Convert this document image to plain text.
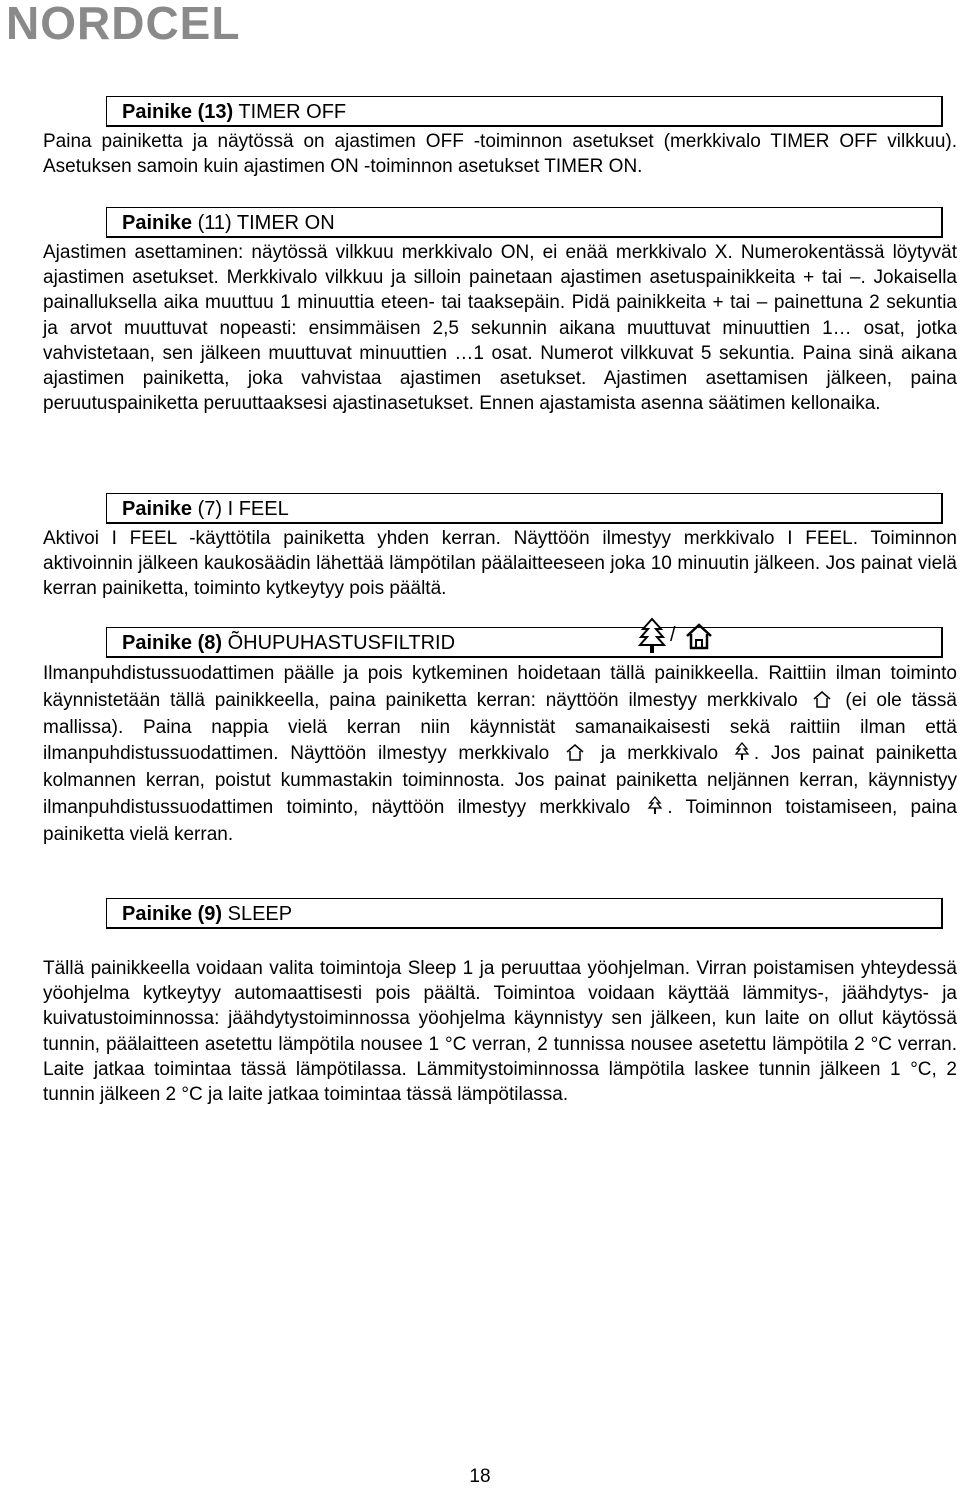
NORDCEL
Painike (13) TIMER OFF

Paina painiketta ja näytössä on ajastimen OFF -toiminnon asetukset (merkkivalo TIMER OFF vilkkuu). Asetuksen samoin kuin ajastimen ON -toiminnon asetukset TIMER ON.

Painike (11) TIMER ON

Ajastimen asettaminen: näytössä vilkkuu merkkivalo ON, ei enää merkkivalo X. Numerokentässä löytyvät ajastimen asetukset. Merkkivalo vilkkuu ja silloin painetaan ajastimen asetuspainikkeita + tai –. Jokaisella painalluksella aika muuttuu 1 minuuttia eteen- tai taaksepäin. Pidä painikkeita + tai – painettuna 2 sekuntia ja arvot muuttuvat nopeasti: ensimmäisen 2,5 sekunnin aikana muuttuvat minuuttien 1… osat, jotka vahvistetaan, sen jälkeen muuttuvat minuuttien …1 osat. Numerot vilkkuvat 5 sekuntia. Paina sinä aikana ajastimen painiketta, joka vahvistaa ajastimen asetukset. Ajastimen asettamisen jälkeen, paina peruutuspainiketta peruuttaaksesi ajastinasetukset. Ennen ajastamista asenna säätimen kellonaika.

Painike (7) I FEEL

Aktivoi I FEEL -käyttötila painiketta yhden kerran. Näyttöön ilmestyy merkkivalo I FEEL. Toiminnon aktivoinnin jälkeen kaukosäädin lähettää lämpötilan päälaitteeseen joka 10 minuutin jälkeen. Jos painat vielä kerran painiketta, toiminto kytkeytyy pois päältä.

Painike (8) ÕHUPUHASTUSFILTRID	/

Ilmanpuhdistussuodattimen päälle ja pois kytkeminen hoidetaan tällä painikkeella. Raittiin ilman toiminto käynnistetään tällä painikkeella, paina painiketta kerran: näyttöön ilmestyy merkkivalo	(ei ole tässä mallissa). Paina nappia vielä kerran niin käynnistät samanaikaisesti sekä raittiin ilman että ilmanpuhdistussuodattimen. Näyttöön ilmestyy merkkivalo	ja merkkivalo . Jos painat painiketta kolmannen kerran, poistut kummastakin toiminnosta. Jos painat painiketta neljännen kerran, käynnistyy ilmanpuhdistussuodattimen toiminto, näyttöön ilmestyy merkkivalo . Toiminnon toistamiseen, paina painiketta vielä kerran.

Painike (9) SLEEP

Tällä painikkeella voidaan valita toimintoja Sleep 1 ja peruuttaa yöohjelman. Virran poistamisen yhteydessä yöohjelma kytkeytyy automaattisesti pois päältä. Toimintoa voidaan käyttää lämmitys-, jäähdytys- ja kuivatustoiminnossa: jäähdytystoiminnossa yöohjelma käynnistyy sen jälkeen, kun laite on ollut käytössä tunnin, päälaitteen asetettu lämpötila nousee 1 °C verran, 2 tunnissa nousee asetettu lämpötila 2 °C verran. Laite jatkaa toimintaa tässä lämpötilassa. Lämmitystoiminnossa lämpötila laskee tunnin jälkeen 1 °C, 2 tunnin jälkeen 2 °C ja laite jatkaa toimintaa tässä lämpötilassa.

18
